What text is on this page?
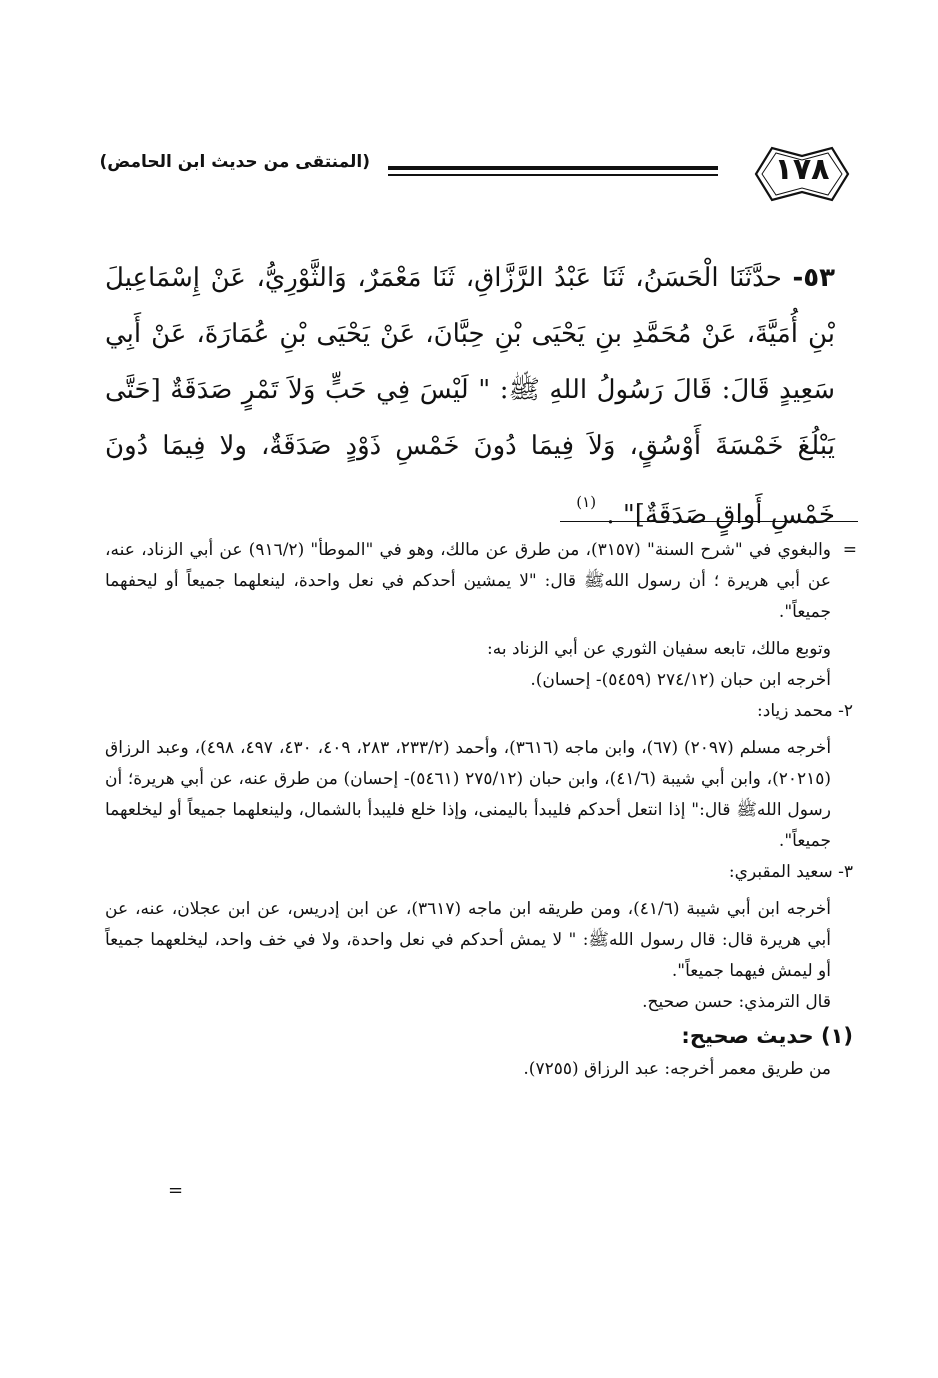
١٧٨
(المنتقى من حديث ابن الحامض)
٥٣- حدَّثَنَا الْحَسَنُ، ثَنَا عَبْدُ الرَّزَّاقِ، ثَنَا مَعْمَرٌ، وَالثَّوْرِيُّ، عَنْ إِسْمَاعِيلَ بْنِ أُمَيَّةَ، عَنْ مُحَمَّدِ بنِ يَحْيَى بْنِ حِبَّانَ، عَنْ يَحْيَى بْنِ عُمَارَةَ، عَنْ أَبِي سَعِيدٍ قَالَ: قَالَ رَسُولُ اللهِ ﷺ: " لَيْسَ فِي حَبٍّ وَلاَ تَمْرٍ صَدَقَةٌ [حَتَّى يَبْلُغَ خَمْسَةَ أَوْسُقٍ، وَلاَ فِيمَا دُونَ خَمْسِ ذَوْدٍ صَدَقَةٌ، ولا فِيمَا دُونَ خَمْسِ أَواقٍ صَدَقَةٌ]" . $^{(١)}$

=
والبغوي في "شرح السنة" (٣١٥٧)، من طرق عن مالك، وهو في "الموطأ" (٩١٦/٢) عن أبي الزناد، عنه، عن أبي هريرة ؛ أن رسول اللهﷺ قال: "لا يمشين أحدكم في نعل واحدة، لينعلهما جميعاً أو ليحفهما جميعاً".

وتوبع مالك، تابعه سفيان الثوري عن أبي الزناد به:

أخرجه ابن حبان (٢٧٤/١٢ (٥٤٥٩)- إحسان).

٢- محمد زياد:

أخرجه مسلم (٢٠٩٧) (٦٧)، وابن ماجه (٣٦١٦)، وأحمد (٢٣٣/٢، ٢٨٣، ٤٠٩، ٤٣٠، ٤٩٧، ٤٩٨)، وعبد الرزاق (٢٠٢١٥)، وابن أبي شيبة (٤١/٦)، وابن حبان (٢٧٥/١٢ (٥٤٦١)- إحسان) من طرق عنه، عن أبي هريرة؛ أن رسول اللهﷺ قال:" إذا انتعل أحدكم فليبدأ باليمنى، وإذا خلع فليبدأ بالشمال، ولينعلهما جميعاً أو ليخلعهما جميعاً".

٣- سعيد المقبري:

أخرجه ابن أبي شيبة (٤١/٦)، ومن طريقه ابن ماجه (٣٦١٧)، عن ابن إدريس، عن ابن عجلان، عنه، عن أبي هريرة قال: قال رسول اللهﷺ: " لا يمش أحدكم في نعل واحدة، ولا في خف واحد، ليخلعهما جميعاً أو ليمش فيهما جميعاً".

قال الترمذي: حسن صحيح.

(١) حديث صحيح:

من طريق معمر أخرجه: عبد الرزاق (٧٢٥٥).

=
